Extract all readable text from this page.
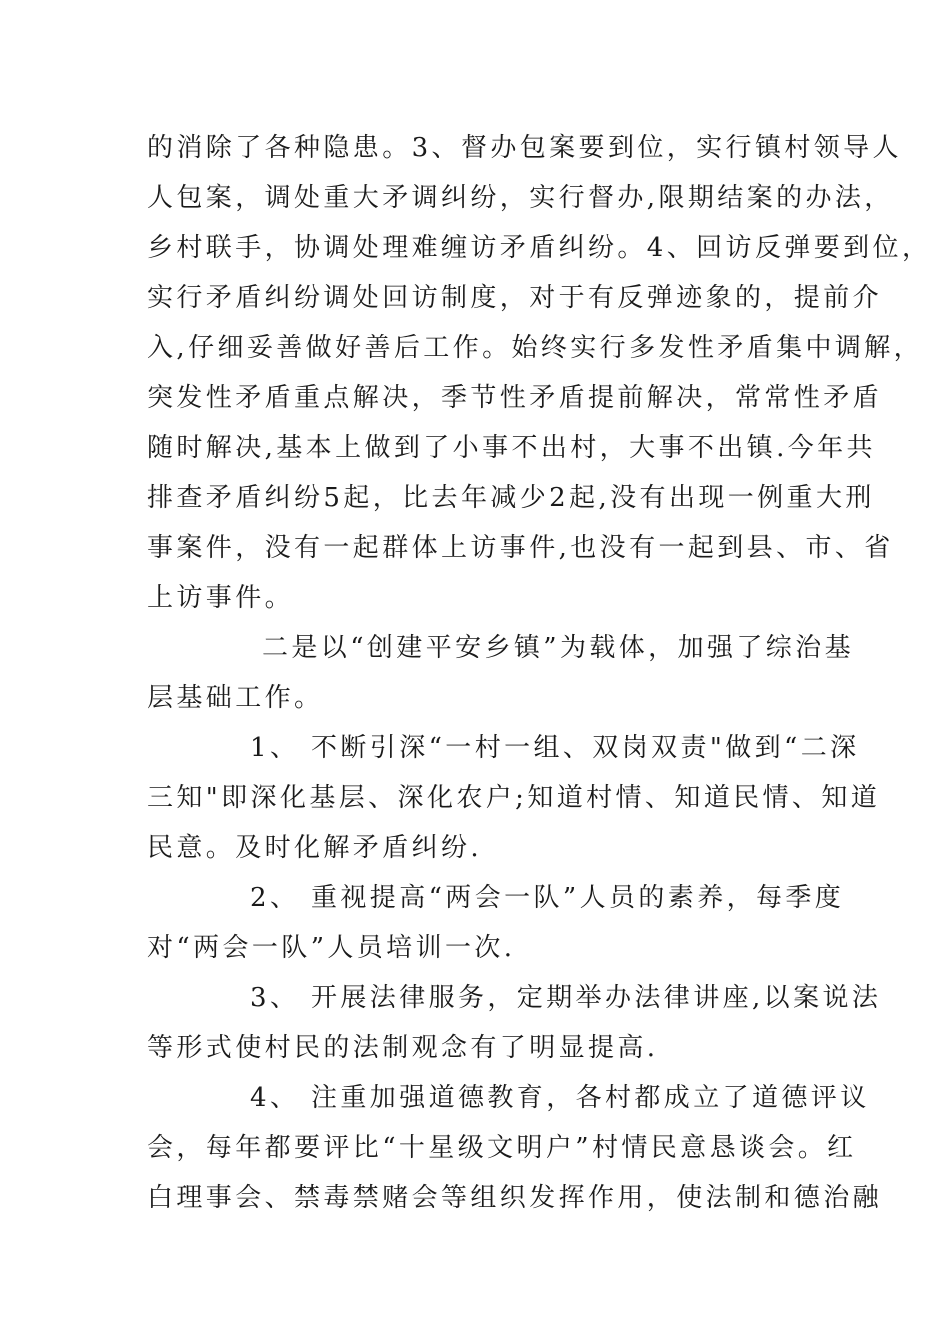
的消除了各种隐患。3、督办包案要到位，实行镇村领导人
人包案，调处重大矛调纠纷，实行督办,限期结案的办法，
乡村联手，协调处理难缠访矛盾纠纷。4、回访反弹要到位，
实行矛盾纠纷调处回访制度，对于有反弹迹象的，提前介
入,仔细妥善做好善后工作。始终实行多发性矛盾集中调解，
突发性矛盾重点解决，季节性矛盾提前解决，常常性矛盾
随时解决,基本上做到了小事不出村，大事不出镇.今年共
排查矛盾纠纷5起，比去年减少2起,没有出现一例重大刑
事案件，没有一起群体上访事件,也没有一起到县、市、省
上访事件。
二是以“创建平安乡镇”为载体，加强了综治基
层基础工作。
1、 不断引深“一村一组、双岗双责"做到“二深
三知"即深化基层、深化农户;知道村情、知道民情、知道
民意。及时化解矛盾纠纷.
2、 重视提高“两会一队”人员的素养，每季度
对“两会一队”人员培训一次.
3、 开展法律服务，定期举办法律讲座,以案说法
等形式使村民的法制观念有了明显提高.
4、 注重加强道德教育，各村都成立了道德评议
会，每年都要评比“十星级文明户”村情民意恳谈会。红
白理事会、禁毒禁赌会等组织发挥作用，使法制和德治融
